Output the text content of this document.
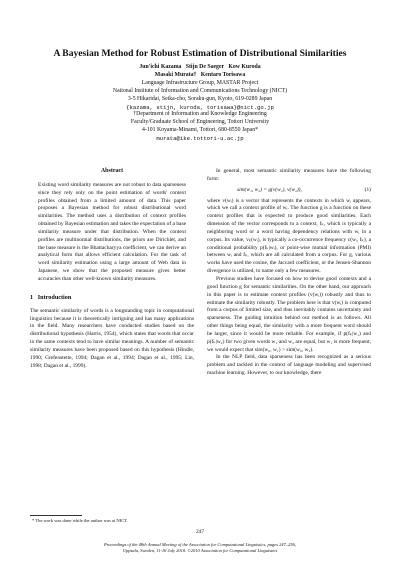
A Bayesian Method for Robust Estimation of Distributional Similarities
Jun'ichi Kazama   Stijn De Saeger   Kow Kuroda
Masaki Murata†   Kentaro Torisawa
Language Infrastructure Group, MASTAR Project
National Institute of Information and Communications Technology (NICT)
3-5 Hikaridai, Seika-cho, Soraku-gun, Kyoto, 619-0289 Japan
{kazama, stijn, kuroda, torisawa}@nict.go.jp
†Department of Information and Knowledge Engineering
Faculty/Graduate School of Engineering, Tottori University
4-101 Koyama-Minami, Tottori, 680-8550 Japan*
murata@ike.tottori-u.ac.jp

Abstract

Existing word similarity measures are not robust to data sparseness since they rely only on the point estimation of words' context profiles obtained from a limited amount of data. This paper proposes a Bayesian method for robust distributional word similarities. The method uses a distribution of context profiles obtained by Bayesian estimation and takes the expectation of a base similarity measure under that distribution. When the context profiles are multinomial distributions, the priors are Dirichlet, and the base measure is the Bhattacharyya coefficient, we can derive an analytical form that allows efficient calculation. For the task of word similarity estimation using a large amount of Web data in Japanese, we show that the proposed measure gives better accuracies than other well-known similarity measures.

1   Introduction

The semantic similarity of words is a longstanding topic in computational linguistics because it is theoretically intriguing and has many applications in the field. Many researchers have conducted studies based on the distributional hypothesis (Harris, 1954), which states that words that occur in the same contexts tend to have similar meanings. A number of semantic similarity measures have been proposed based on this hypothesis (Hindle, 1990; Grefenstette, 1994; Dagan et al., 1994; Dagan et al., 1995; Lin, 1998; Dagan et al., 1999).

In general, most semantic similarity measures have the following form:

sim(w₁, w₂) = g(v(w₁), v(w₂)),	(1)

where v(wᵢ) is a vector that represents the contexts in which wᵢ appears, which we call a context profile of wᵢ. The function g is a function on these context profiles that is expected to produce good similarities. Each dimension of the vector corresponds to a context, fₖ, which is typically a neighboring word or a word having dependency relations with wᵢ in a corpus. Its value, vₖ(wᵢ), is typically a co-occurrence frequency c(wᵢ, fₖ), a conditional probability p(fₖ|wᵢ), or point-wise mutual information (PMI) between wᵢ and fₖ, which are all calculated from a corpus. For g, various works have used the cosine, the Jaccard coefficient, or the Jensen-Shannon divergence is utilized, to name only a few measures.

Previous studies have focused on how to devise good contexts and a good function g for semantic similarities. On the other hand, our approach in this paper is to estimate context profiles (v(wᵢ)) robustly and thus to estimate the similarity robustly. The problem here is that v(wᵢ) is computed from a corpus of limited size, and thus inevitably contains uncertainty and sparseness. The guiding intuition behind our method is as follows. All other things being equal, the similarity with a more frequent word should be larger, since it would be more reliable. For example, if p(fₖ|w₁) and p(fₖ|w₂) for two given words w₁ and w₂ are equal, but w₁ is more frequent, we would expect that sim(w₀, w₁) > sim(w₀, w₂).

In the NLP field, data sparseness has been recognized as a serious problem and tackled in the context of language modeling and supervised machine learning. However, to our knowledge, there

* The work was done while the author was at NICT.
247
Proceedings of the 48th Annual Meeting of the Association for Computational Linguistics, pages 247–256,
Uppsala, Sweden, 11-16 July 2010. ©2010 Association for Computational Linguistics
